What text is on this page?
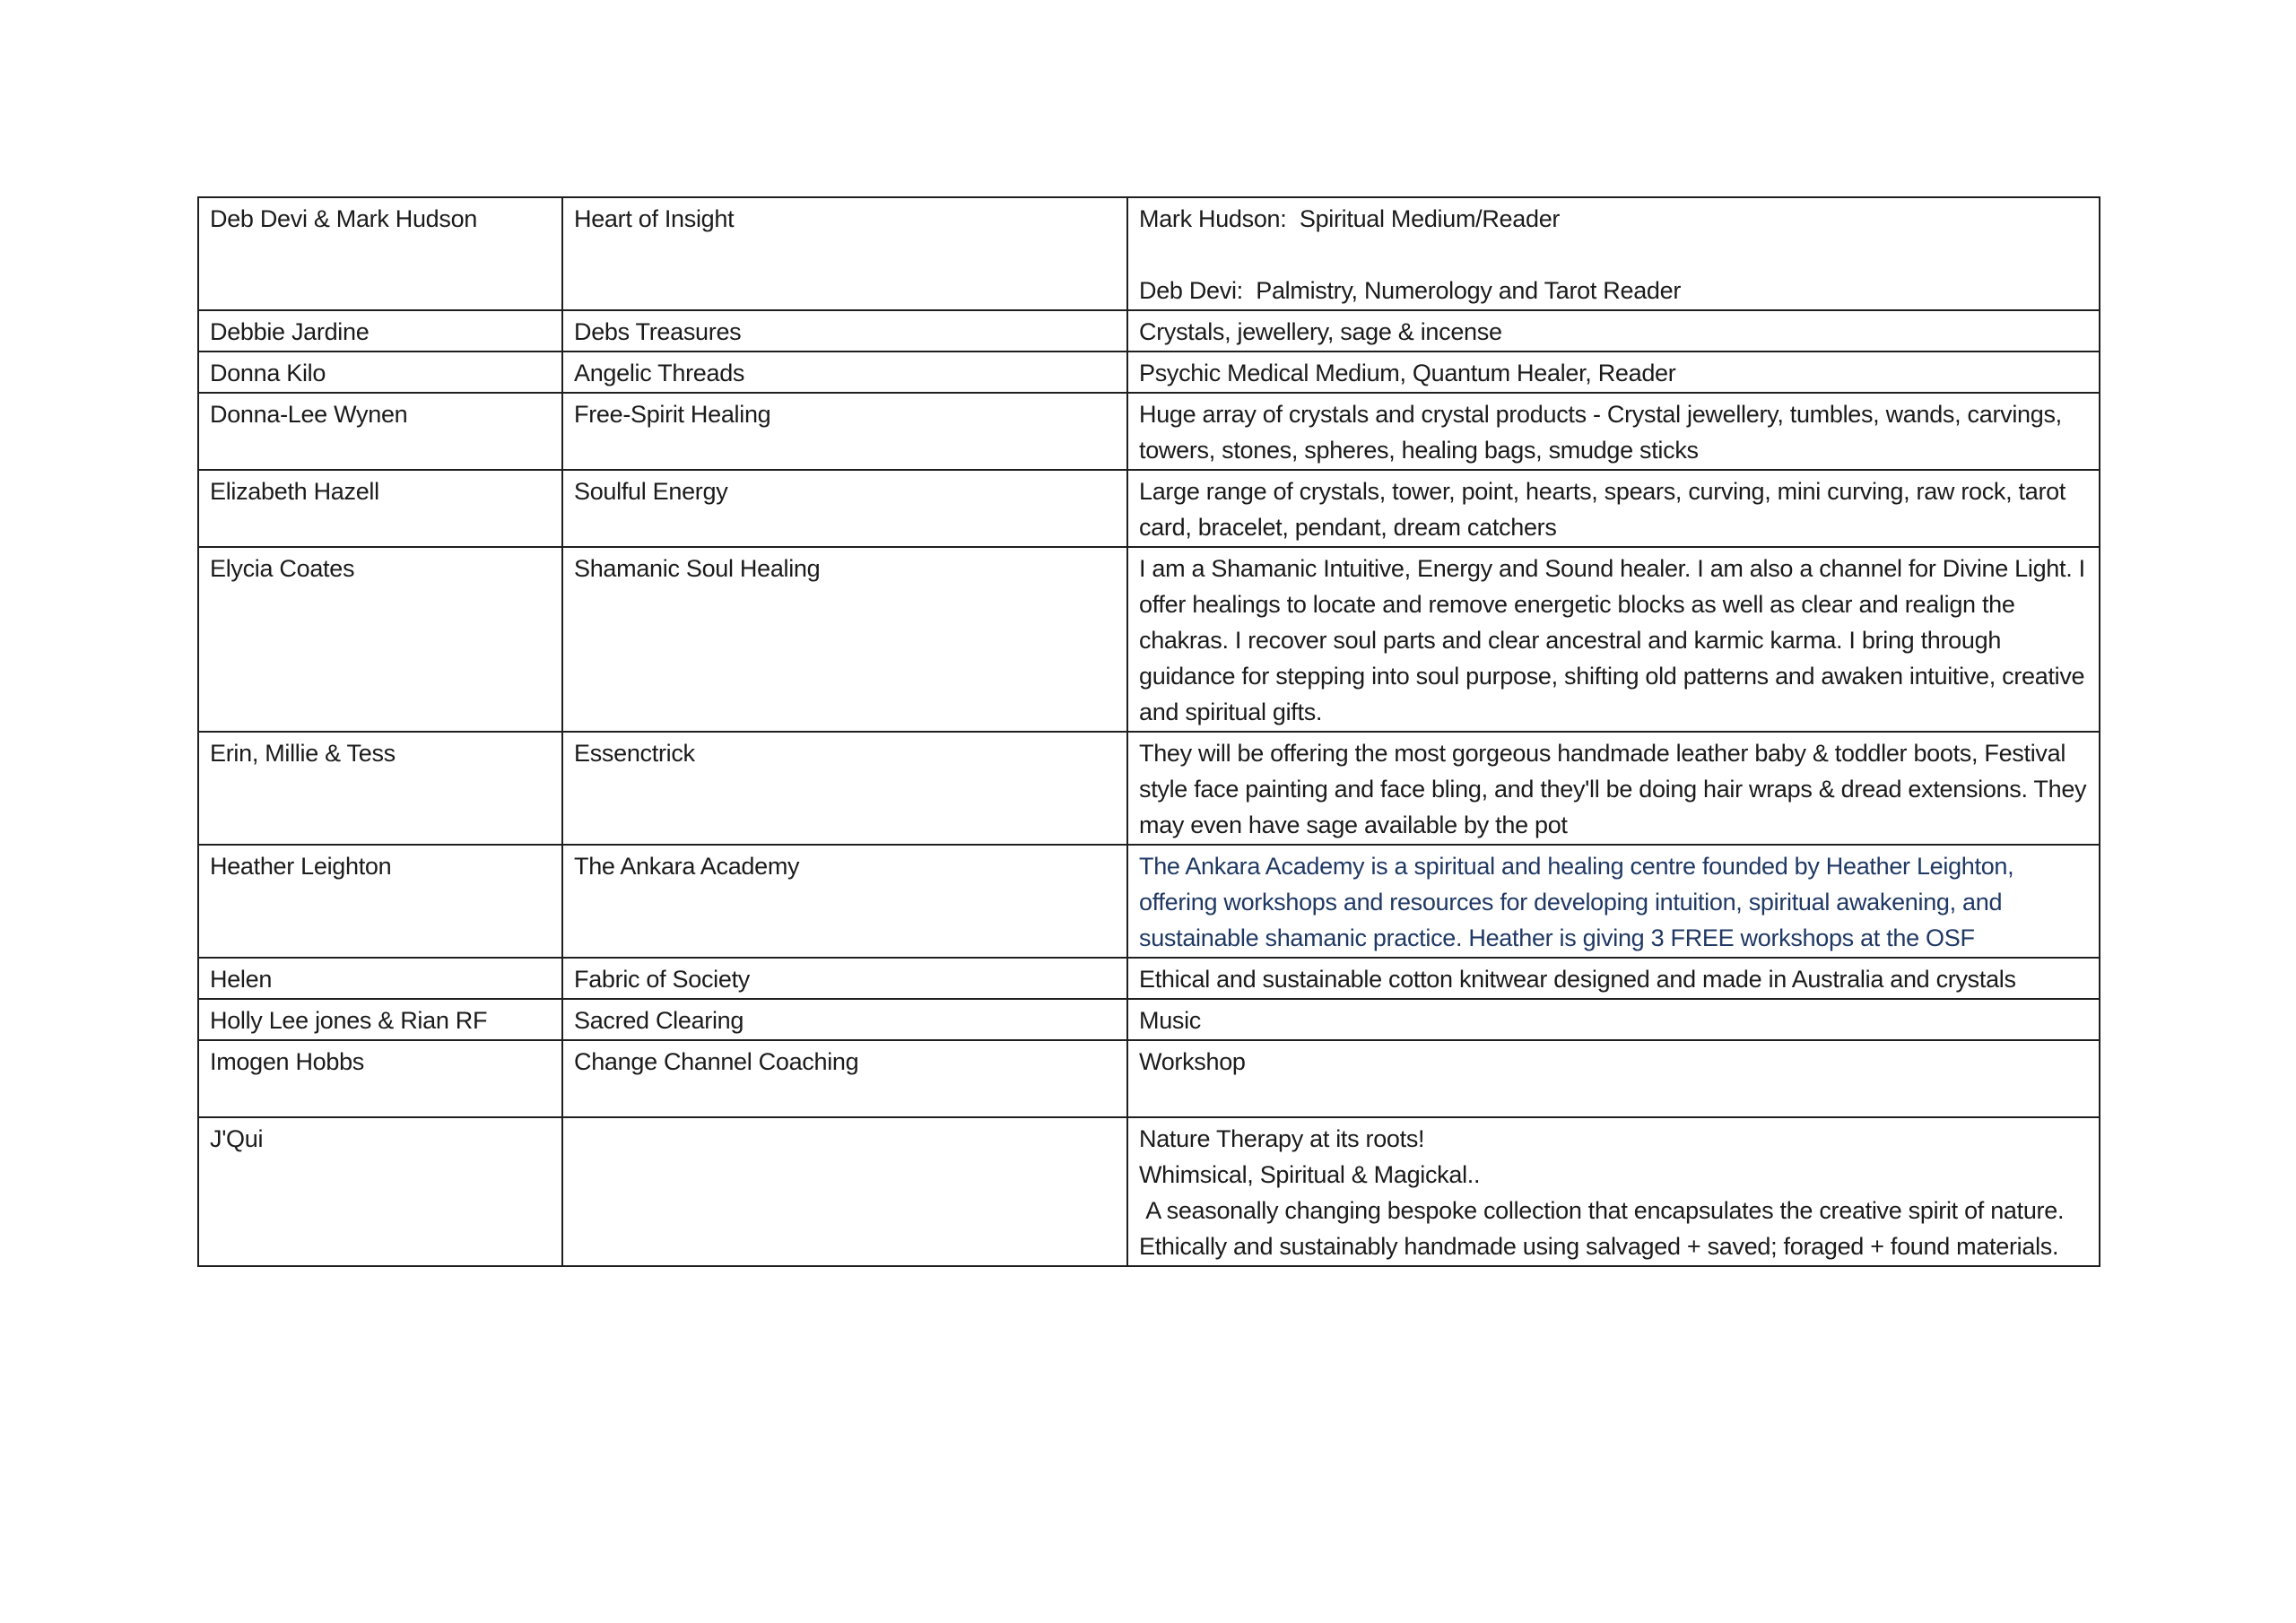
Deb Devi & Mark Hudson	Heart of Insight	Mark Hudson:  Spiritual Medium/Reader
Deb Devi:  Palmistry, Numerology and Tarot Reader

Debbie Jardine	Debs Treasures	Crystals, jewellery, sage & incense

Donna Kilo	Angelic Threads	Psychic Medical Medium, Quantum Healer, Reader

Donna-Lee Wynen	Free-Spirit Healing	Huge array of crystals and crystal products - Crystal jewellery, tumbles, wands, carvings, towers, stones, spheres, healing bags, smudge sticks

Elizabeth Hazell	Soulful Energy	Large range of crystals, tower, point, hearts, spears, curving, mini curving, raw rock, tarot card, bracelet, pendant, dream catchers

Elycia Coates	Shamanic Soul Healing	I am a Shamanic Intuitive, Energy and Sound healer. I am also a channel for Divine Light. I offer healings to locate and remove energetic blocks as well as clear and realign the chakras. I recover soul parts and clear ancestral and karmic karma. I bring through guidance for stepping into soul purpose, shifting old patterns and awaken intuitive, creative and spiritual gifts.

Erin, Millie & Tess	Essenctrick	They will be offering the most gorgeous handmade leather baby & toddler boots, Festival style face painting and face bling, and they'll be doing hair wraps & dread extensions. They may even have sage available by the pot

Heather Leighton	The Ankara Academy	The Ankara Academy is a spiritual and healing centre founded by Heather Leighton, offering workshops and resources for developing intuition, spiritual awakening, and sustainable shamanic practice. Heather is giving 3 FREE workshops at the OSF

Helen	Fabric of Society	Ethical and sustainable cotton knitwear designed and made in Australia and crystals

Holly Lee jones & Rian RF	Sacred Clearing	Music

Imogen Hobbs	Change Channel Coaching	Workshop

J'Qui		Nature Therapy at its roots!
Whimsical, Spiritual & Magickal..
A seasonally changing bespoke collection that encapsulates the creative spirit of nature.
Ethically and sustainably handmade using salvaged + saved; foraged + found materials.
